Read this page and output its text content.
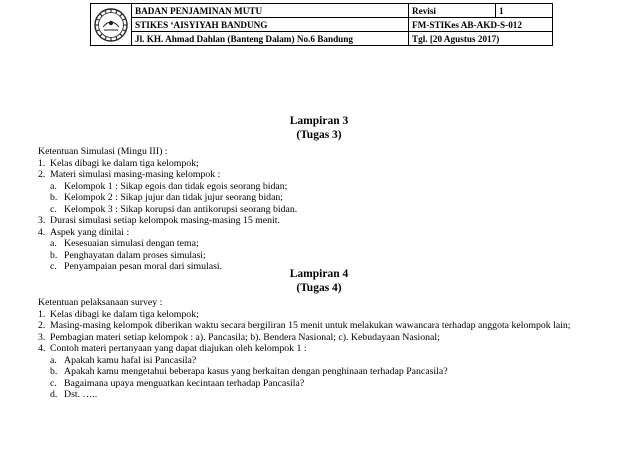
	BADAN PENJAMINAN MUTU	Revisi	1
	STIKES ‘AISYIYAH BANDUNG	FM-STIKes AB-AKD-S-012	
	Jl. KH. Ahmad Dahlan (Banteng Dalam) No.6 Bandung	Tgl. [20 Agustus 2017)	
Lampiran 3
(Tugas 3)
Ketentuan Simulasi (Mingu III) :
1. Kelas dibagi ke dalam tiga kelompok;
2. Materi simulasi masing-masing kelompok :
a. Kelompok 1 : Sikap egois dan tidak egois seorang bidan;
b. Kelompok 2 : Sikap jujur dan tidak jujur seorang bidan;
c. Kelompok 3 : Sikap korupsi dan antikorupsi seorang bidan.
3. Durasi simulasi setiap kelompok masing-masing 15 menit.
4. Aspek yang dinilai :
a. Kesesuaian simulasi dengan tema;
b. Penghayatan dalam proses simulasi;
c. Penyampaian pesan moral dari simulasi.
Lampiran 4
(Tugas 4)
Ketentuan pelaksanaan survey :
1. Kelas dibagi ke dalam tiga kelompok;
2. Masing-masing kelompok diberikan waktu secara bergiliran 15 menit untuk melakukan wawancara terhadap anggota kelompok lain;
3. Pembagian materi setiap kelompok : a). Pancasila; b). Bendera Nasional; c). Kebudayaan Nasional;
4. Contoh materi pertanyaan yang dapat diajukan oleh kelompok 1 :
a. Apakah kamu hafal isi Pancasila?
b. Apakah kamu mengetahui beberapa kasus yang berkaitan dengan penghinaan terhadap Pancasila?
c. Bagaimana upaya menguatkan kecintaan terhadap Pancasila?
d. Dst. …..
